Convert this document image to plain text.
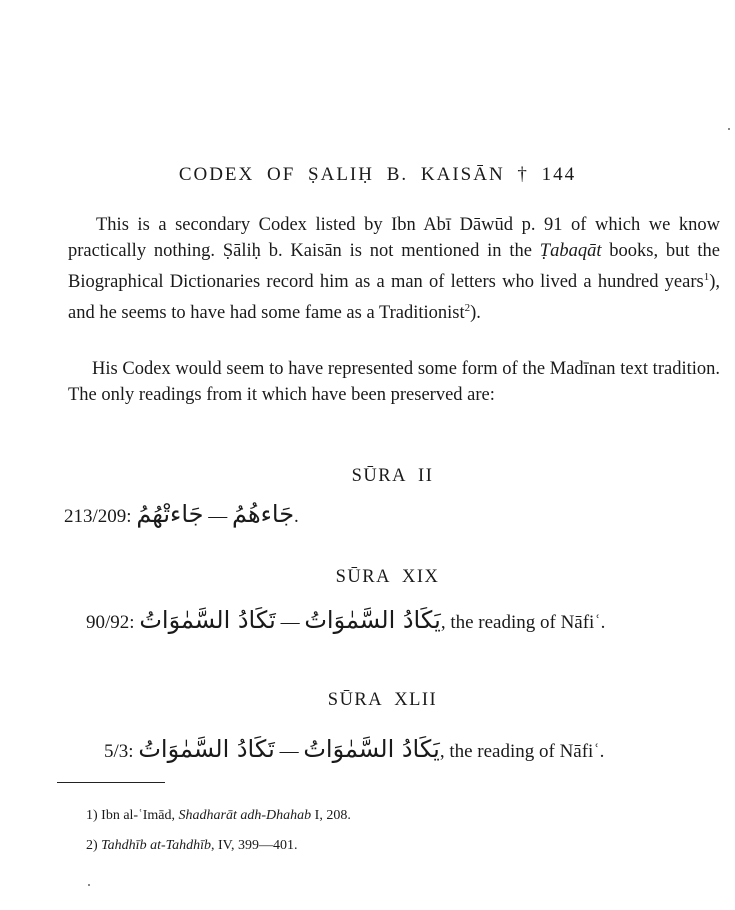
CODEX OF ṢALIḤ B. KAISĀN † 144
This is a secondary Codex listed by Ibn Abī Dāwūd p. 91 of which we know practically nothing. Ṣāliḥ b. Kaisān is not mentioned in the Ṭabaqāt books, but the Biographical Dictionaries record him as a man of letters who lived a hundred years$^1$), and he seems to have had some fame as a Traditionist$^2$).
His Codex would seem to have represented some form of the Madīnan text tradition. The only readings from it which have been preserved are:
SŪRA II
213/209: جَاءتْهُمُ — جَاءهُمُ.
SŪRA XIX
90/92: تَكَادُ السَّمٰوَاتُ — يَكَادُ السَّمٰوَاتُ, the reading of Nāfiʿ.
SŪRA XLII
5/3: تَكَادُ السَّمٰوَاتُ — يَكَادُ السَّمٰوَاتُ, the reading of Nāfiʿ.
1) Ibn al-ʿImād, Shadharāt adh-Dhahab I, 208.
2) Tahdhīb at-Tahdhīb, IV, 399—401.
